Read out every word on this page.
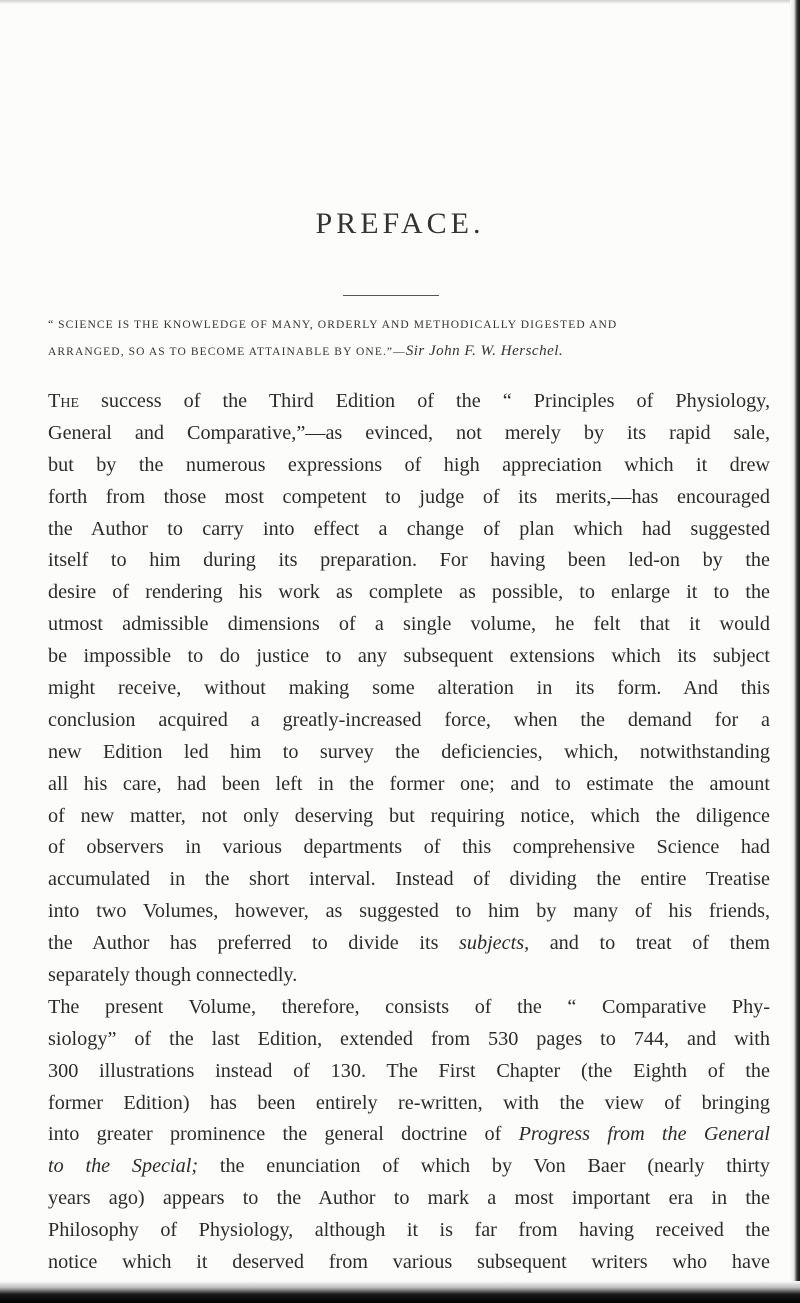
PREFACE.
“ SCIENCE IS THE KNOWLEDGE OF MANY, ORDERLY AND METHODICALLY DIGESTED AND
ARRANGED, SO AS TO BECOME ATTAINABLE BY ONE.”—Sir John F. W. Herschel.
The success of the Third Edition of the “ Principles of Physiology,
General and Comparative,”—as evinced, not merely by its rapid sale,
but by the numerous expressions of high appreciation which it drew
forth from those most competent to judge of its merits,—has encouraged
the Author to carry into effect a change of plan which had suggested
itself to him during its preparation. For having been led-on by the
desire of rendering his work as complete as possible, to enlarge it to the
utmost admissible dimensions of a single volume, he felt that it would
be impossible to do justice to any subsequent extensions which its subject
might receive, without making some alteration in its form. And this
conclusion acquired a greatly-increased force, when the demand for a
new Edition led him to survey the deficiencies, which, notwithstanding
all his care, had been left in the former one; and to estimate the amount
of new matter, not only deserving but requiring notice, which the diligence
of observers in various departments of this comprehensive Science had
accumulated in the short interval. Instead of dividing the entire Treatise
into two Volumes, however, as suggested to him by many of his friends,
the Author has preferred to divide its subjects, and to treat of them
separately though connectedly.
The present Volume, therefore, consists of the “ Comparative Phy-
siology” of the last Edition, extended from 530 pages to 744, and with
300 illustrations instead of 130. The First Chapter (the Eighth of the
former Edition) has been entirely re-written, with the view of bringing
into greater prominence the general doctrine of Progress from the General
to the Special; the enunciation of which by Von Baer (nearly thirty
years ago) appears to the Author to mark a most important era in the
Philosophy of Physiology, although it is far from having received the
notice which it deserved from various subsequent writers who have
